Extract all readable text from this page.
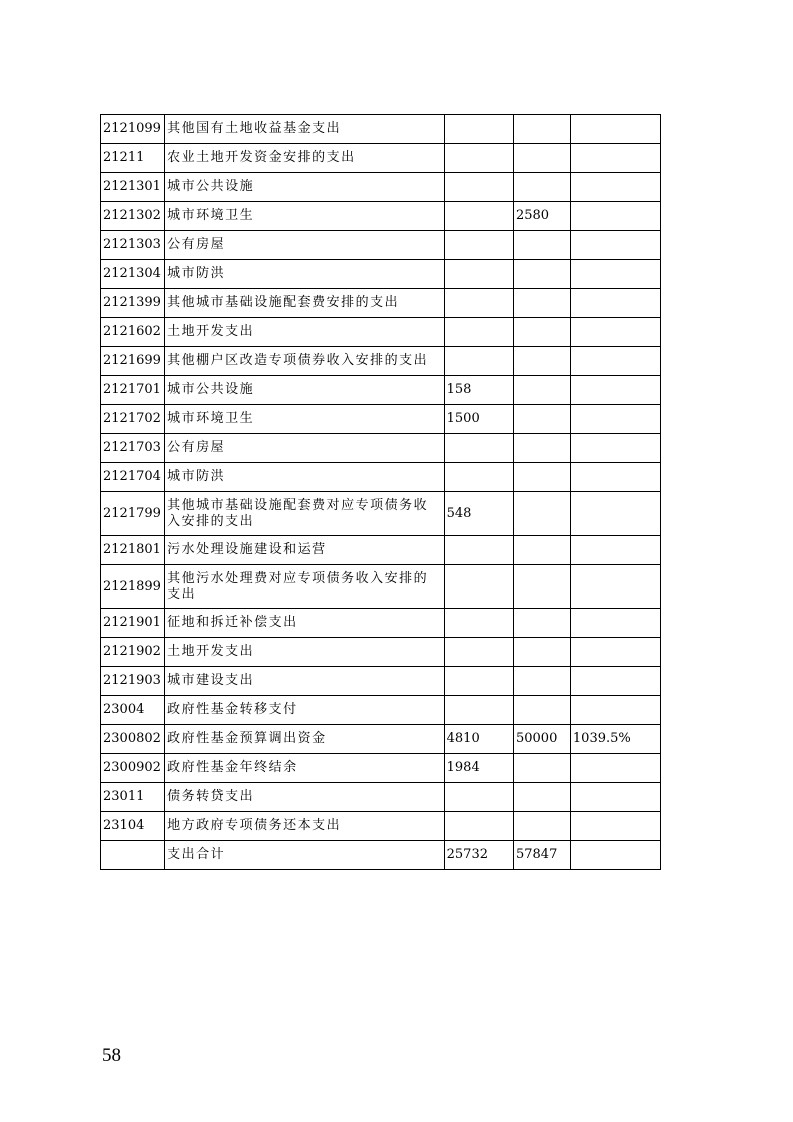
2121099	其他国有土地收益基金支出			
21211	农业土地开发资金安排的支出			
2121301	城市公共设施			
2121302	城市环境卫生		2580	
2121303	公有房屋			
2121304	城市防洪			
2121399	其他城市基础设施配套费安排的支出			
2121602	土地开发支出			
2121699	其他棚户区改造专项债券收入安排的支出			
2121701	城市公共设施	158		
2121702	城市环境卫生	1500		
2121703	公有房屋			
2121704	城市防洪			
2121799	其他城市基础设施配套费对应专项债务收入安排的支出	548		
2121801	污水处理设施建设和运营			
2121899	其他污水处理费对应专项债务收入安排的支出			
2121901	征地和拆迁补偿支出			
2121902	土地开发支出			
2121903	城市建设支出			
23004	政府性基金转移支付			
2300802	政府性基金预算调出资金	4810	50000	1039.5%
2300902	政府性基金年终结余	1984		
23011	债务转贷支出			
23104	地方政府专项债务还本支出			
	支出合计	25732	57847	
58
